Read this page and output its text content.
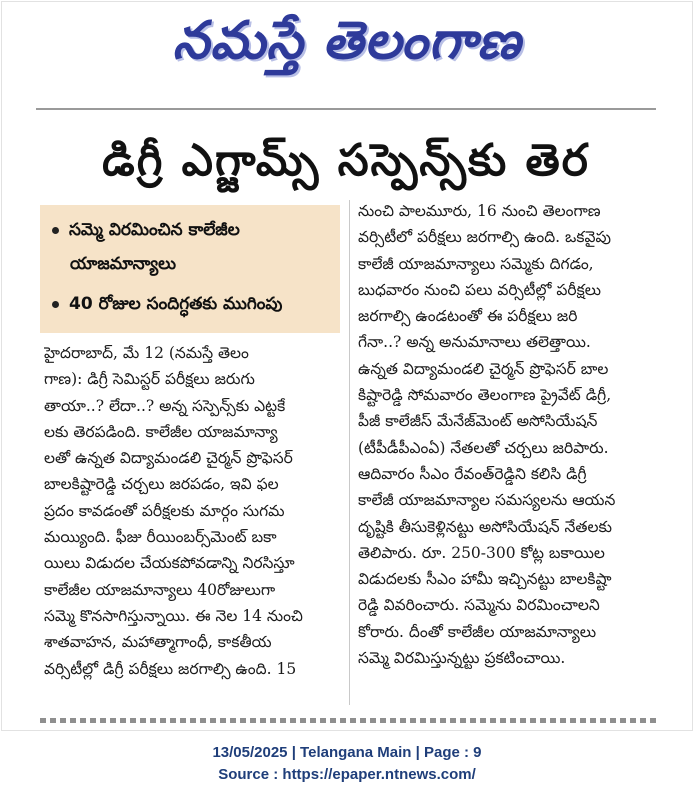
నమస్తే తెలంగాణ
డిగ్రీ ఎగ్జామ్స్ సస్పెన్స్‌కు తెర
సమ్మె విరమించిన కాలేజీల
యాజమాన్యాలు
40 రోజుల సందిగ్ధతకు ముగింపు
హైదరాబాద్, మే 12 (నమస్తే తెలం
గాణ): డిగ్రీ సెమిస్టర్ పరీక్షలు జరుగు
తాయా..? లేదా..? అన్న సస్పెన్స్‌కు ఎట్టకే
లకు తెరపడింది. కాలేజీల యాజమాన్యా
లతో ఉన్నత విద్యామండలి చైర్మన్ ప్రొఫెసర్
బాలకిష్టారెడ్డి చర్చలు జరపడం, ఇవి ఫల
ప్రదం కావడంతో పరీక్షలకు మార్గం సుగమ
మయ్యింది. ఫీజు రీయింబర్స్‌మెంట్ బకా
యిలు విడుదల చేయకపోవడాన్ని నిరసిస్తూ
కాలేజీల యాజమాన్యాలు 40రోజులుగా
సమ్మె కొనసాగిస్తున్నాయి. ఈ నెల 14 నుంచి
శాతవాహన, మహాత్మాగాంధీ, కాకతీయ
వర్సిటీల్లో డిగ్రీ పరీక్షలు జరగాల్సి ఉంది. 15
నుంచి పాలమూరు, 16 నుంచి తెలంగాణ
వర్సిటీలో పరీక్షలు జరగాల్సి ఉంది. ఒకవైపు
కాలేజీ యాజమాన్యాలు సమ్మెకు దిగడం,
బుధవారం నుంచి పలు వర్సిటీల్లో పరీక్షలు
జరగాల్సి ఉండటంతో ఈ పరీక్షలు జరి
గేనా..? అన్న అనుమానాలు తలెత్తాయి.
ఉన్నత విద్యామండలి చైర్మన్ ప్రొఫెసర్ బాల
కిష్టారెడ్డి సోమవారం తెలంగాణ ప్రైవేట్ డిగ్రీ,
పీజీ కాలేజీస్ మేనేజ్‌మెంట్ అసోసియేషన్
(టీపీడీపీఎంఏ) నేతలతో చర్చలు జరిపారు.
ఆదివారం సీఎం రేవంత్‌రెడ్డిని కలిసి డిగ్రీ
కాలేజీ యాజమాన్యాల సమస్యలను ఆయన
దృష్టికి తీసుకెళ్లినట్టు అసోసియేషన్ నేతలకు
తెలిపారు. రూ. 250-300 కోట్ల బకాయిల
విడుదలకు సీఎం హామీ ఇచ్చినట్టు బాలకిష్టా
రెడ్డి వివరించారు. సమ్మెను విరమించాలని
కోరారు. దీంతో కాలేజీల యాజమాన్యాలు
సమ్మె విరమిస్తున్నట్టు ప్రకటించాయి.
13/05/2025 | Telangana Main | Page : 9
Source : https://epaper.ntnews.com/
